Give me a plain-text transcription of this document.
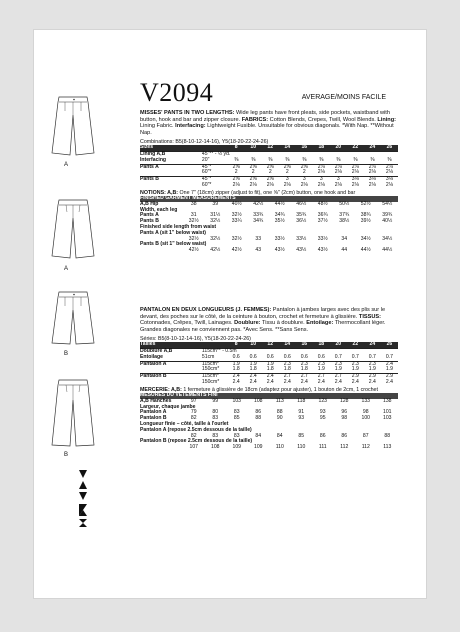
A
A
B
B
V2094	AVERAGE/MOINS FACILE

MISSES' PANTS IN TWO LENGTHS: Wide leg pants have front pleats, side pockets, waistband with button, hook and bar and zipper closure. FABRICS: Cotton Blends, Crepes, Twill, Wool Blends. Lining: Lining Fabric. Interfacing: Lightweight Fusible. Unsuitable for obvious diagonals. *With Nap. **Without Nap.

Combinations: B5(8-10-12-14-16), Y5(18-20-22-24-26)

Sizes		8	10	12	14	16	18	20	22	24	26
Lining A,B	45"** - ½ yd.										
Interfacing	20"	⅜	⅜	⅜	⅜	⅜	⅜	⅜	⅜	⅜	⅜
Pants A	45"*	2⅝	2⅝	2⅝	2⅝	2⅝	2⅞	2⅞	2⅞	2⅞	2⅞
	60"*	2	2	2	2	2	2⅛	2⅛	2⅛	2⅛	2⅛
Pants B	45"*	2⅝	2⅝	2⅝	3	3	3	3	3⅛	3⅛	3⅛
	60"*	2⅛	2⅛	2⅛	2⅛	2⅛	2⅛	2⅛	2⅛	2⅛	2⅛

NOTIONS: A,B: One 7" (18cm) zipper (adjust to fit), one ⅝" (2cm) button, one hook and bar

FINISHED GARMENT MEASUREMENTS											
A,B Hip		38	39	40½	42½	44½	46½	48½	50½	52½	54½
Width, each leg											
Pants A		31	31½	32½	33¾	34¾	35¾	36¾	37¾	38¾	39¾
Pants B		32½	32½	33¼	34¾	35½	36½	37½	38½	39½	40½
Finished side length from waist											
Pants A (sit 1" below waist)											
		32½	32½	32½	33	33½	33½	33½	34	34½	34½
Pants B (sit 1" below waist)											
		42½	42½	42½	43	43½	43½	43½	44	44½	44½

PANTALON EN DEUX LONGUEURS (J. FEMMES): Pantalon à jambes larges avec des plis sur le devant, des poches sur le côté, de la ceinture à bouton, crochet et fermeture à glissière. TISSUS: Cotonnades, Crêpes, Twill, Lainages. Doublure: Tissu à doublure. Entoilage: Thermocollant léger. Grandes diagonales ne conviennent pas. *Avec Sens. **Sans Sens.

Séries: B5(8-10-12-14-16), Y5(18-20-22-24-26)

Tailles		8	10	12	14	16	18	20	22	24	26
Doublure A,B	115cm** - 0.5m										
Entoilage	51cm	0.6	0.6	0.6	0.6	0.6	0.6	0.7	0.7	0.7	0.7
Pantalon A	115cm*	1.9	1.9	1.9	2.3	2.3	2.3	2.3	2.3	2.3	2.4
	150cm*	1.8	1.8	1.8	1.8	1.8	1.9	1.9	1.9	1.9	1.9
Pantalon B	115cm*	2.4	2.4	2.4	2.7	2.7	2.7	2.7	2.9	2.9	2.9
	150cm*	2.4	2.4	2.4	2.4	2.4	2.4	2.4	2.4	2.4	2.4

MERCERIE: A,B: 1 fermeture à glissière de 18cm (adaptez pour ajuster), 1 bouton de 2cm, 1 crochet

MESURES DU VÊTEMENTS FINI											
A,B Hanches		97	99	103	108	113	118	123	128	133	138
Largeur, chaque jambe											
Pantalon A		79	80	83	86	88	91	93	96	98	101
Pantalon B		82	83	85	88	90	93	95	98	100	103
Longueur finie – côté, taille à l'ourlet											
Pantalon A (repose 2.5cm dessous de la taille)											
		82	83	83	84	84	85	86	86	87	88
Pantalon B (repose 2.5cm dessous de la taille)											
		107	108	109	109	110	110	111	112	112	113
